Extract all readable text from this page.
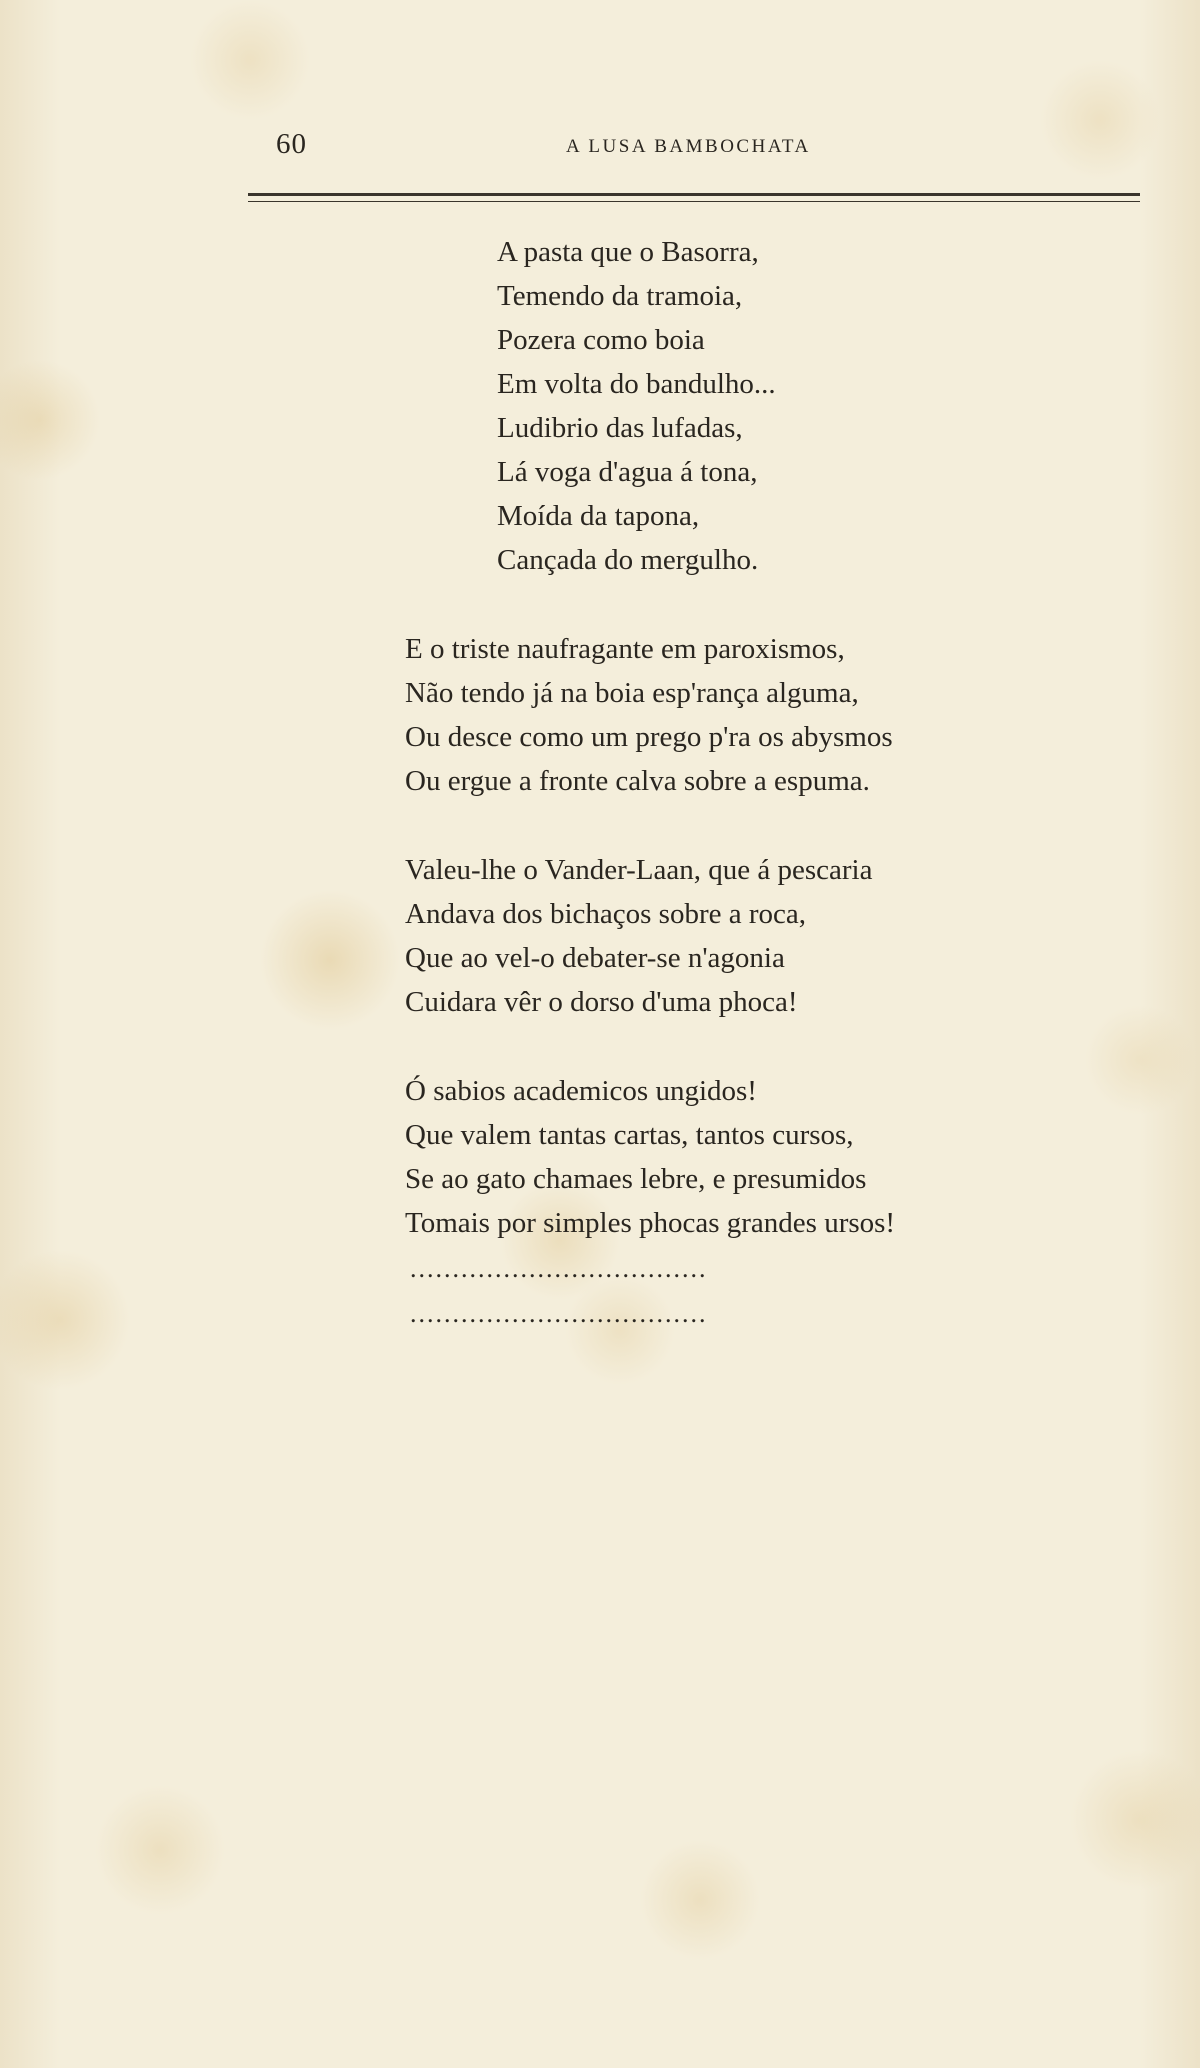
60	A LUSA BAMBOCHATA
A pasta que o Basorra,
Temendo da tramoia,
Pozera como boia
Em volta do bandulho...
Ludibrio das lufadas,
Lá voga d'agua á tona,
Moída da tapona,
Cançada do mergulho.
E o triste naufragante em paroxismos,
Não tendo já na boia esp'rança alguma,
Ou desce como um prego p'ra os abysmos
Ou ergue a fronte calva sobre a espuma.
Valeu-lhe o Vander-Laan, que á pescaria
Andava dos bichaços sobre a roca,
Que ao vel-o debater-se n'agonia
Cuidara vêr o dorso d'uma phoca!
Ó sabios academicos ungidos!
Que valem tantas cartas, tantos cursos,
Se ao gato chamaes lebre, e presumidos
Tomais por simples phocas grandes ursos!
...................................
...................................
